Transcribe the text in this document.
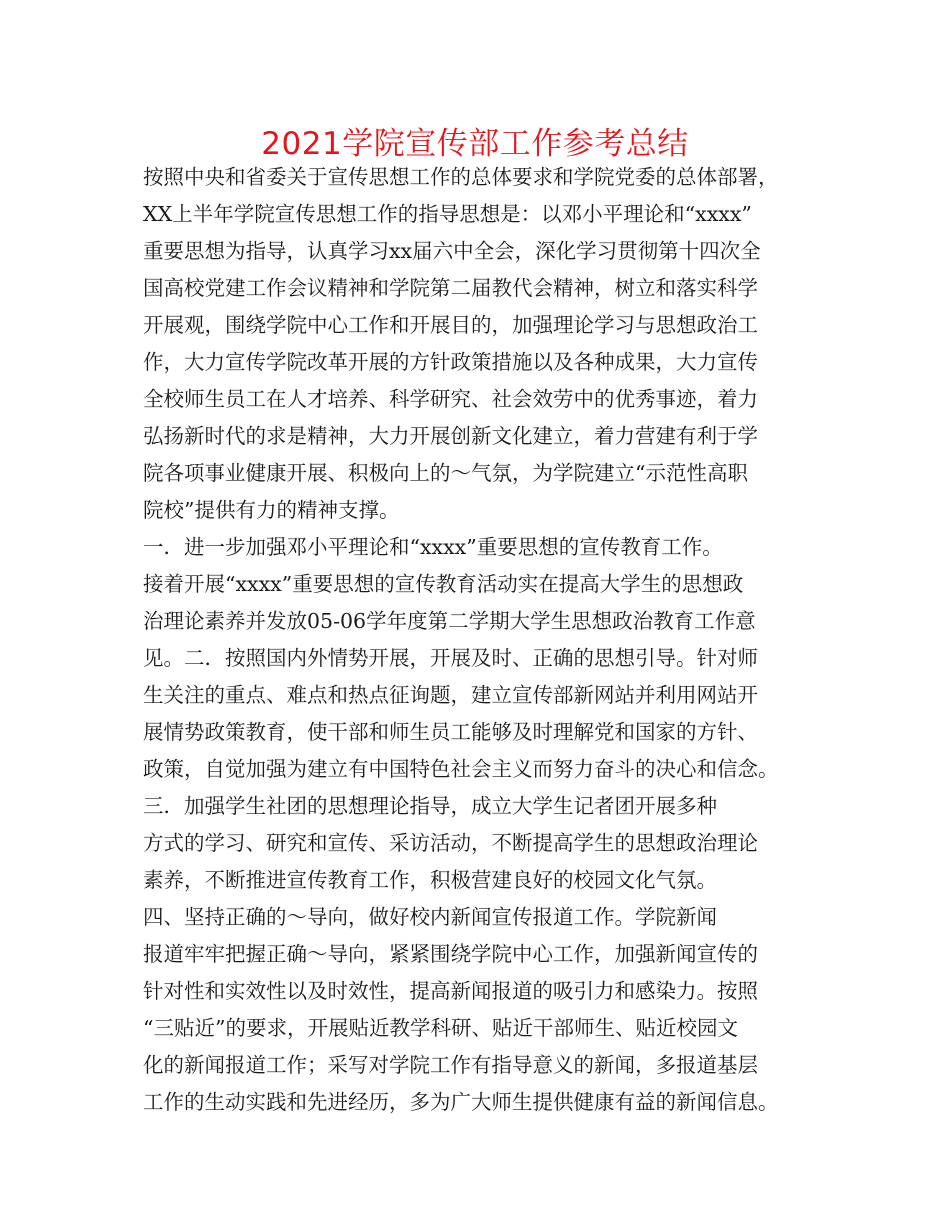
2021学院宣传部工作参考总结
按照中央和省委关于宣传思想工作的总体要求和学院党委的总体部署，
XX上半年学院宣传思想工作的指导思想是：以邓小平理论和“xxxx”
重要思想为指导，认真学习xx届六中全会，深化学习贯彻第十四次全
国高校党建工作会议精神和学院第二届教代会精神，树立和落实科学
开展观，围绕学院中心工作和开展目的，加强理论学习与思想政治工
作，大力宣传学院改革开展的方针政策措施以及各种成果，大力宣传
全校师生员工在人才培养、科学研究、社会效劳中的优秀事迹，着力
弘扬新时代的求是精神，大力开展创新文化建立，着力营建有利于学
院各项事业健康开展、积极向上的～气氛，为学院建立“示范性高职
院校”提供有力的精神支撑。
一．进一步加强邓小平理论和“xxxx”重要思想的宣传教育工作。
接着开展“xxxx”重要思想的宣传教育活动实在提高大学生的思想政
治理论素养并发放05-06学年度第二学期大学生思想政治教育工作意
见。二．按照国内外情势开展，开展及时、正确的思想引导。针对师
生关注的重点、难点和热点征询题，建立宣传部新网站并利用网站开
展情势政策教育，使干部和师生员工能够及时理解党和国家的方针、
政策，自觉加强为建立有中国特色社会主义而努力奋斗的决心和信念。
三．加强学生社团的思想理论指导，成立大学生记者团开展多种
方式的学习、研究和宣传、采访活动，不断提高学生的思想政治理论
素养，不断推进宣传教育工作，积极营建良好的校园文化气氛。
四、坚持正确的～导向，做好校内新闻宣传报道工作。学院新闻
报道牢牢把握正确～导向，紧紧围绕学院中心工作，加强新闻宣传的
针对性和实效性以及时效性，提高新闻报道的吸引力和感染力。按照
“三贴近”的要求，开展贴近教学科研、贴近干部师生、贴近校园文
化的新闻报道工作；采写对学院工作有指导意义的新闻，多报道基层
工作的生动实践和先进经历，多为广大师生提供健康有益的新闻信息。
